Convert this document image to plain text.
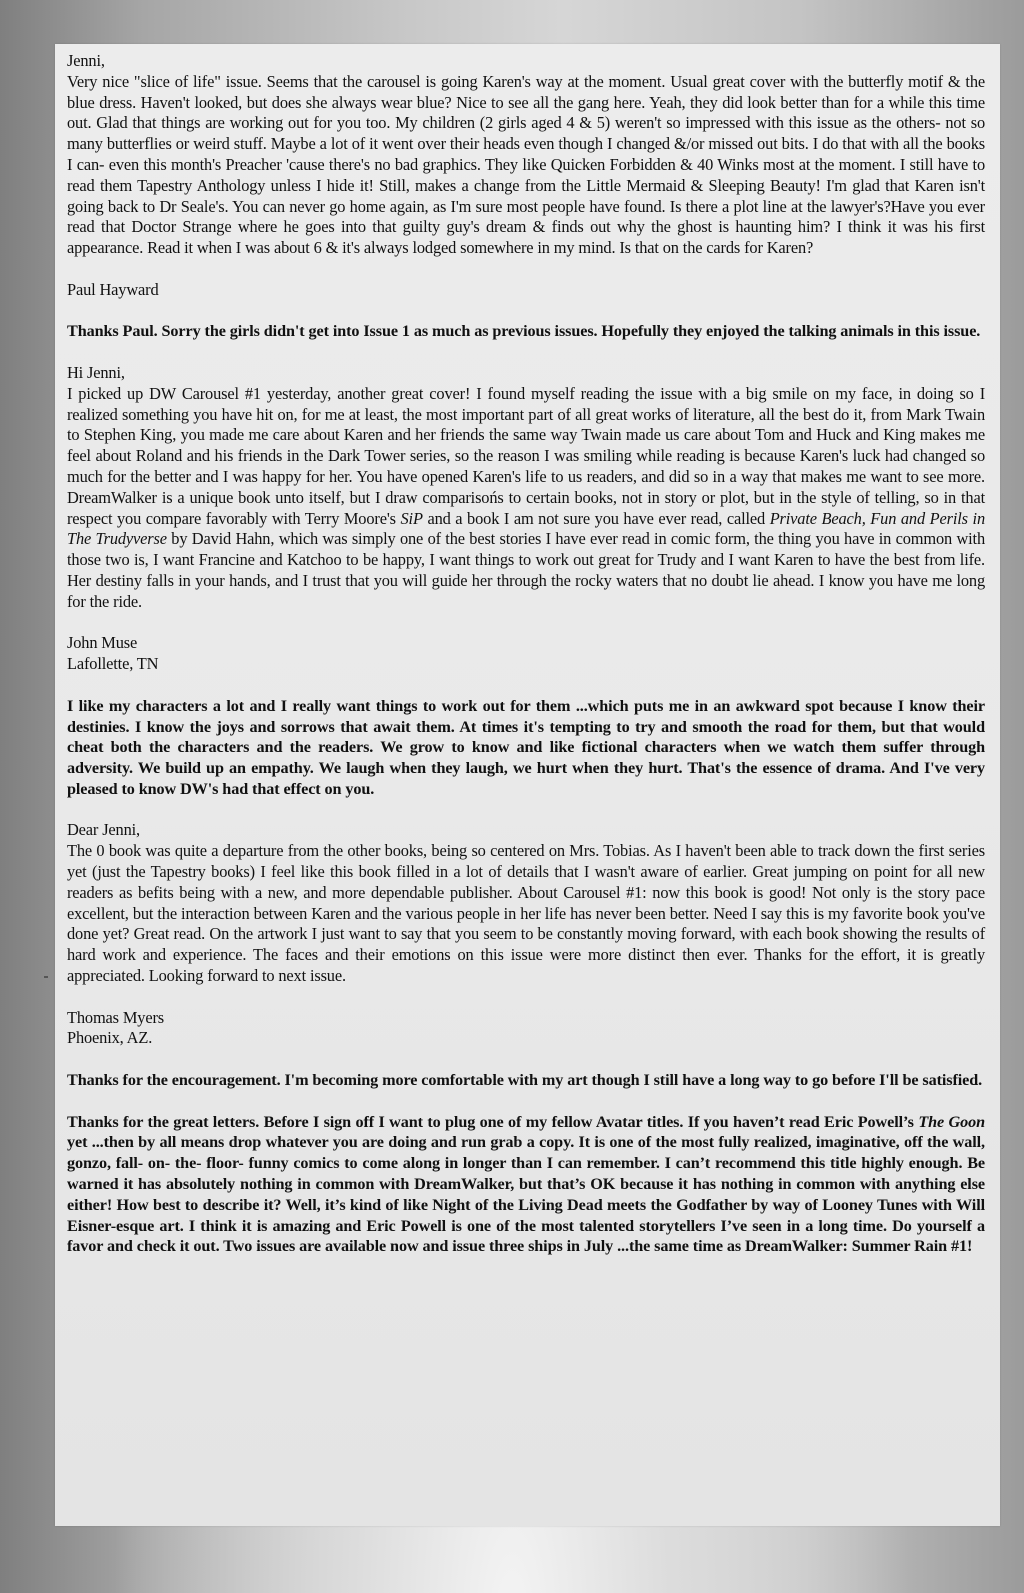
Jenni,
Very nice "slice of life" issue. Seems that the carousel is going Karen's way at the moment. Usual great cover with the butterfly motif & the blue dress. Haven't looked, but does she always wear blue? Nice to see all the gang here. Yeah, they did look better than for a while this time out. Glad that things are working out for you too. My children (2 girls aged 4 & 5) weren't so impressed with this issue as the others- not so many butterflies or weird stuff. Maybe a lot of it went over their heads even though I changed &/or missed out bits. I do that with all the books I can- even this month's Preacher 'cause there's no bad graphics. They like Quicken Forbidden & 40 Winks most at the moment. I still have to read them Tapestry Anthology unless I hide it! Still, makes a change from the Little Mermaid & Sleeping Beauty! I'm glad that Karen isn't going back to Dr Seale's. You can never go home again, as I'm sure most people have found. Is there a plot line at the lawyer's?Have you ever read that Doctor Strange where he goes into that guilty guy's dream & finds out why the ghost is haunting him? I think it was his first appearance. Read it when I was about 6 & it's always lodged somewhere in my mind. Is that on the cards for Karen?

Paul Hayward

Thanks Paul. Sorry the girls didn't get into Issue 1 as much as previous issues. Hopefully they enjoyed the talking animals in this issue.

Hi Jenni,
I picked up DW Carousel #1 yesterday, another great cover! I found myself reading the issue with a big smile on my face, in doing so I realized something you have hit on, for me at least, the most important part of all great works of literature, all the best do it, from Mark Twain to Stephen King, you made me care about Karen and her friends the same way Twain made us care about Tom and Huck and King makes me feel about Roland and his friends in the Dark Tower series, so the reason I was smiling while reading is because Karen's luck had changed so much for the better and I was happy for her. You have opened Karen's life to us readers, and did so in a way that makes me want to see more. DreamWalker is a unique book unto itself, but I draw comparisońs to certain books, not in story or plot, but in the style of telling, so in that respect you compare favorably with Terry Moore's SiP and a book I am not sure you have ever read, called Private Beach, Fun and Perils in The Trudyverse by David Hahn, which was simply one of the best stories I have ever read in comic form, the thing you have in common with those two is, I want Francine and Katchoo to be happy, I want things to work out great for Trudy and I want Karen to have the best from life. Her destiny falls in your hands, and I trust that you will guide her through the rocky waters that no doubt lie ahead. I know you have me long for the ride.

John Muse
Lafollette, TN

I like my characters a lot and I really want things to work out for them ...which puts me in an awkward spot because I know their destinies. I know the joys and sorrows that await them. At times it's tempting to try and smooth the road for them, but that would cheat both the characters and the readers. We grow to know and like fictional characters when we watch them suffer through adversity. We build up an empathy. We laugh when they laugh, we hurt when they hurt. That's the essence of drama. And I've very pleased to know DW's had that effect on you.

Dear Jenni,
The 0 book was quite a departure from the other books, being so centered on Mrs. Tobias. As I haven't been able to track down the first series yet (just the Tapestry books) I feel like this book filled in a lot of details that I wasn't aware of earlier. Great jumping on point for all new readers as befits being with a new, and more dependable publisher. About Carousel #1: now this book is good! Not only is the story pace excellent, but the interaction between Karen and the various people in her life has never been better. Need I say this is my favorite book you've done yet? Great read. On the artwork I just want to say that you seem to be constantly moving forward, with each book showing the results of hard work and experience. The faces and their emotions on this issue were more distinct then ever. Thanks for the effort, it is greatly appreciated. Looking forward to next issue.

Thomas Myers
Phoenix, AZ.

Thanks for the encouragement. I'm becoming more comfortable with my art though I still have a long way to go before I'll be satisfied.

Thanks for the great letters. Before I sign off I want to plug one of my fellow Avatar titles. If you haven’t read Eric Powell’s The Goon yet ...then by all means drop whatever you are doing and run grab a copy. It is one of the most fully realized, imaginative, off the wall, gonzo, fall- on- the- floor- funny comics to come along in longer than I can remember. I can’t recommend this title highly enough. Be warned it has absolutely nothing in common with DreamWalker, but that’s OK because it has nothing in common with anything else either! How best to describe it? Well, it’s kind of like Night of the Living Dead meets the Godfather by way of Looney Tunes with Will Eisner-esque art. I think it is amazing and Eric Powell is one of the most talented storytellers I’ve seen in a long time. Do yourself a favor and check it out. Two issues are available now and issue three ships in July ...the same time as DreamWalker: Summer Rain #1!
